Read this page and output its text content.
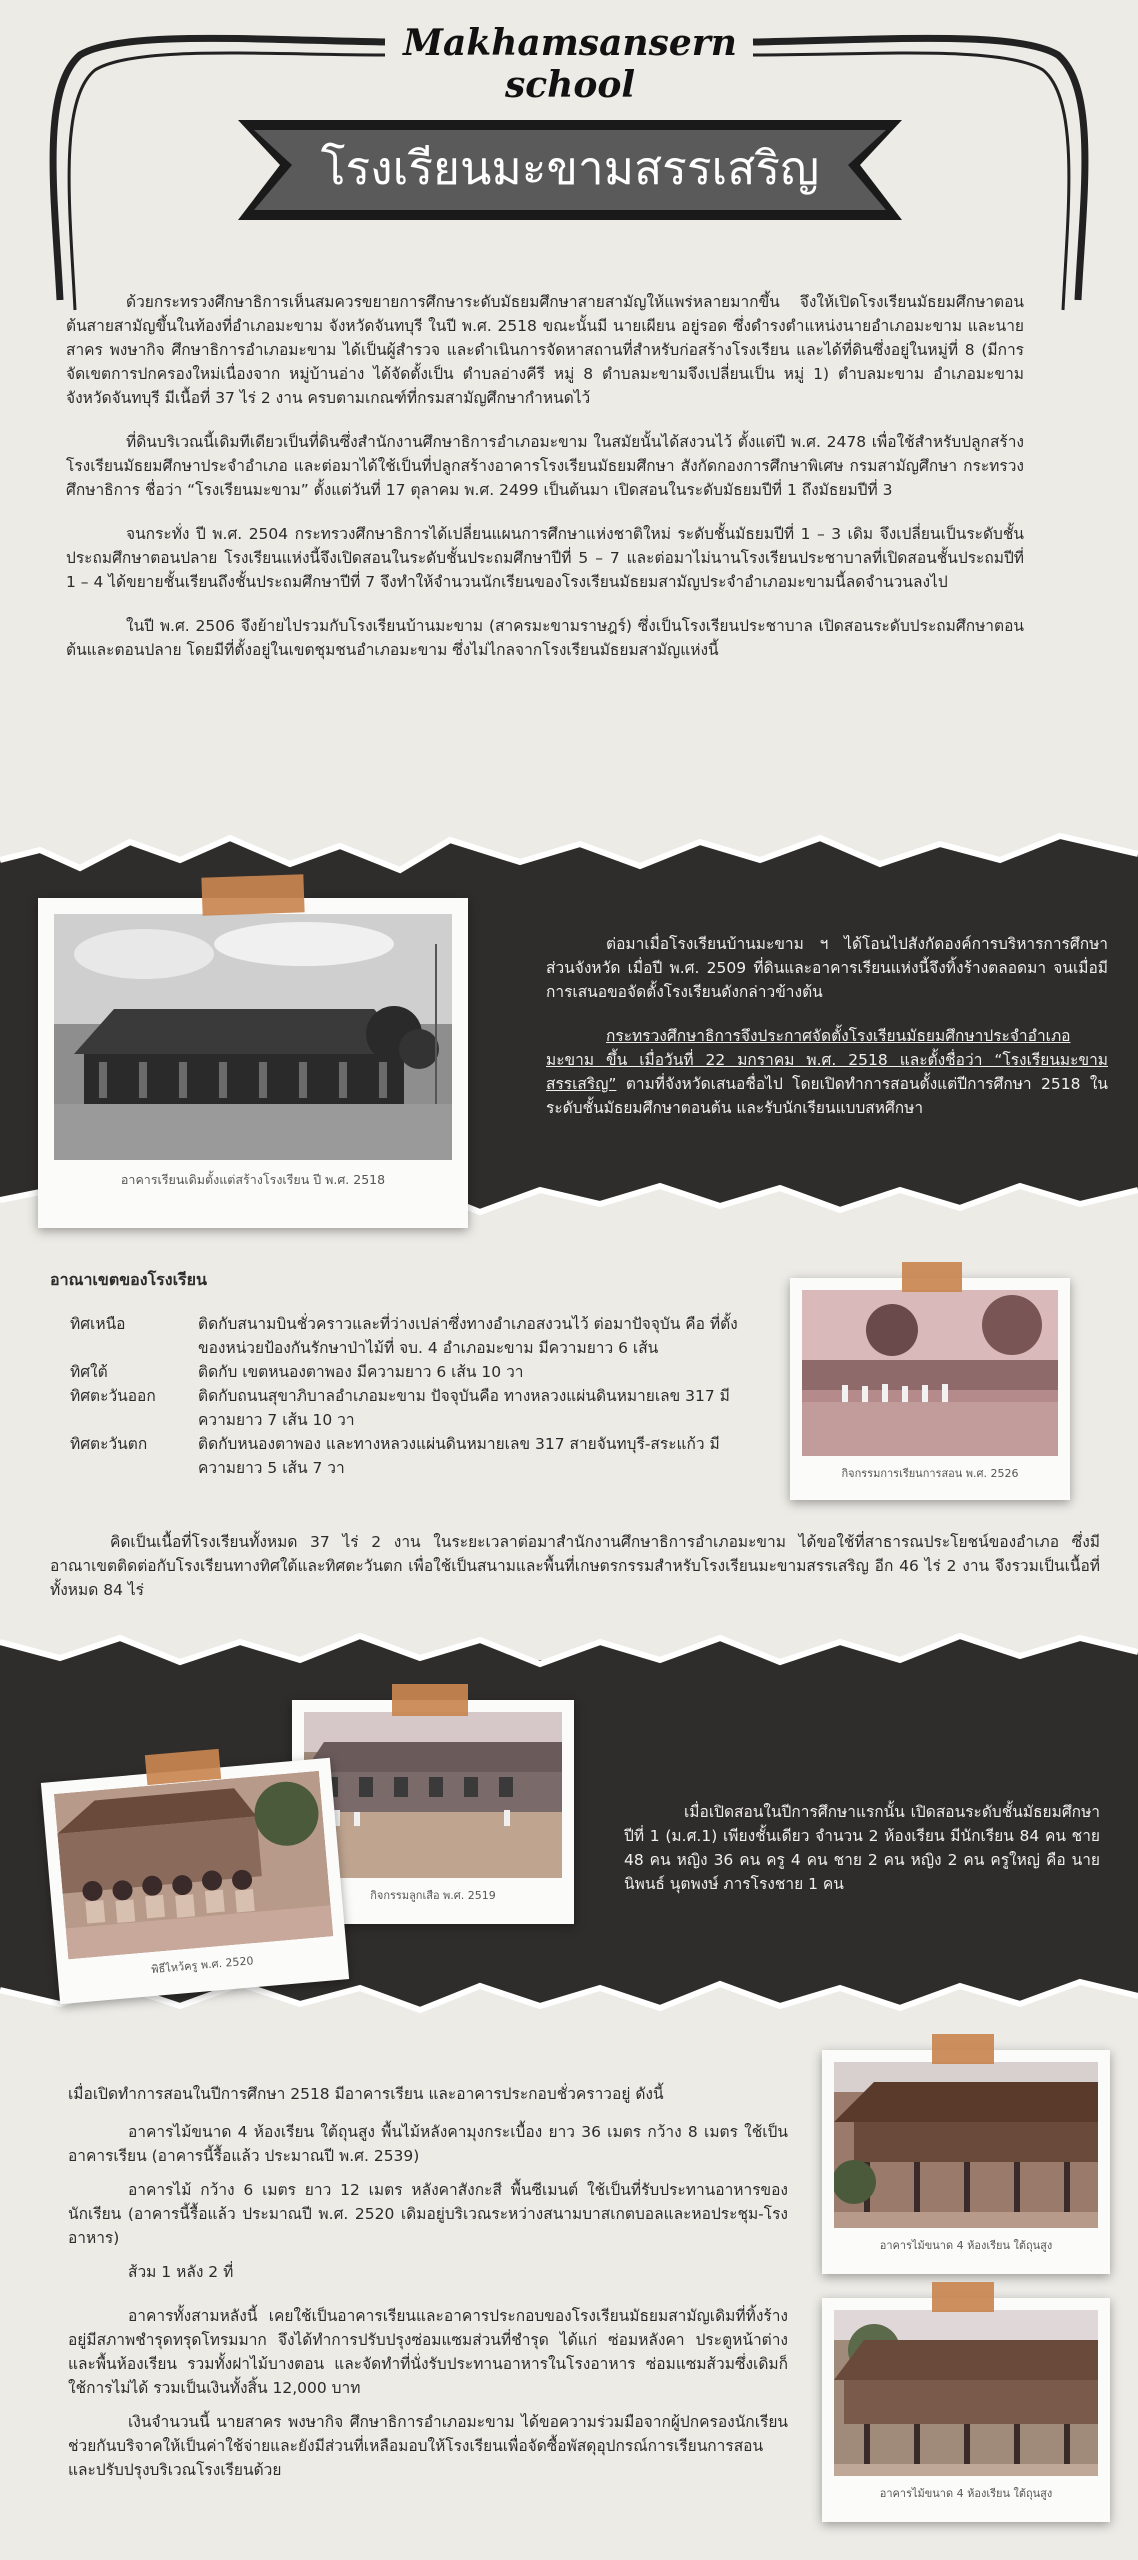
Makhamsansern school
โรงเรียนมะขามสรรเสริญ

ด้วยกระทรวงศึกษาธิการเห็นสมควรขยายการศึกษาระดับมัธยมศึกษาสายสามัญให้แพร่หลายมากขึ้น จึงให้เปิดโรงเรียนมัธยมศึกษาตอนต้นสายสามัญขึ้นในท้องที่อำเภอมะขาม จังหวัดจันทบุรี ในปี พ.ศ. 2518 ขณะนั้นมี นายเผียน อยู่รอด ซึ่งดำรงตำแหน่งนายอำเภอมะขาม และนายสาคร พงษากิจ ศึกษาธิการอำเภอมะขาม ได้เป็นผู้สำรวจ และดำเนินการจัดหาสถานที่สำหรับก่อสร้างโรงเรียน และได้ที่ดินซึ่งอยู่ในหมู่ที่ 8 (มีการจัดเขตการปกครองใหม่เนื่องจาก หมู่บ้านอ่าง ได้จัดตั้งเป็น ตำบลอ่างคีรี หมู่ 8 ตำบลมะขามจึงเปลี่ยนเป็น หมู่ 1) ตำบลมะขาม อำเภอมะขาม จังหวัดจันทบุรี มีเนื้อที่ 37 ไร่ 2 งาน ครบตามเกณฑ์ที่กรมสามัญศึกษากำหนดไว้

ที่ดินบริเวณนี้เดิมทีเดียวเป็นที่ดินซึ่งสำนักงานศึกษาธิการอำเภอมะขาม ในสมัยนั้นได้สงวนไว้ ตั้งแต่ปี พ.ศ. 2478 เพื่อใช้สำหรับปลูกสร้างโรงเรียนมัธยมศึกษาประจำอำเภอ และต่อมาได้ใช้เป็นที่ปลูกสร้างอาคารโรงเรียนมัธยมศึกษา สังกัดกองการศึกษาพิเศษ กรมสามัญศึกษา กระทรวงศึกษาธิการ ชื่อว่า “โรงเรียนมะขาม” ตั้งแต่วันที่ 17 ตุลาคม พ.ศ. 2499 เป็นต้นมา เปิดสอนในระดับมัธยมปีที่ 1 ถึงมัธยมปีที่ 3

จนกระทั่ง ปี พ.ศ. 2504 กระทรวงศึกษาธิการได้เปลี่ยนแผนการศึกษาแห่งชาติใหม่ ระดับชั้นมัธยมปีที่ 1 – 3 เดิม จึงเปลี่ยนเป็นระดับชั้นประถมศึกษาตอนปลาย โรงเรียนแห่งนี้จึงเปิดสอนในระดับชั้นประถมศึกษาปีที่ 5 – 7 และต่อมาไม่นานโรงเรียนประชาบาลที่เปิดสอนชั้นประถมปีที่ 1 – 4 ได้ขยายชั้นเรียนถึงชั้นประถมศึกษาปีที่ 7 จึงทำให้จำนวนนักเรียนของโรงเรียนมัธยมสามัญประจำอำเภอมะขามนี้ลดจำนวนลงไป

ในปี พ.ศ. 2506 จึงย้ายไปรวมกับโรงเรียนบ้านมะขาม (สาครมะขามราษฎร์) ซึ่งเป็นโรงเรียนประชาบาล เปิดสอนระดับประถมศึกษาตอนต้นและตอนปลาย โดยมีที่ตั้งอยู่ในเขตชุมชนอำเภอมะขาม ซึ่งไม่ไกลจากโรงเรียนมัธยมสามัญแห่งนี้

อาคารเรียนเดิมตั้งแต่สร้างโรงเรียน ปี พ.ศ. 2518

ต่อมาเมื่อโรงเรียนบ้านมะขาม ฯ ได้โอนไปสังกัดองค์การบริหารการศึกษาส่วนจังหวัด เมื่อปี พ.ศ. 2509 ที่ดินและอาคารเรียนแห่งนี้จึงทิ้งร้างตลอดมา จนเมื่อมีการเสนอขอจัดตั้งโรงเรียนดังกล่าวข้างต้น

กระทรวงศึกษาธิการจึงประกาศจัดตั้งโรงเรียนมัธยมศึกษาประจำอำเภอมะขาม ขึ้น เมื่อวันที่ 22 มกราคม พ.ศ. 2518 และตั้งชื่อว่า “โรงเรียนมะขามสรรเสริญ” ตามที่จังหวัดเสนอชื่อไป โดยเปิดทำการสอนตั้งแต่ปีการศึกษา 2518 ในระดับชั้นมัธยมศึกษาตอนต้น และรับนักเรียนแบบสหศึกษา

อาณาเขตของโรงเรียน
ทิศเหนือ	ติดกับสนามบินชั่วคราวและที่ว่างเปล่าซึ่งทางอำเภอสงวนไว้ ต่อมาปัจจุบัน คือ ที่ตั้งของหน่วยป้องกันรักษาป่าไม้ที่ จบ. 4 อำเภอมะขาม มีความยาว 6 เส้น
ทิศใต้	ติดกับ เขตหนองตาพอง มีความยาว 6 เส้น 10 วา
ทิศตะวันออก	ติดกับถนนสุขาภิบาลอำเภอมะขาม ปัจจุบันคือ ทางหลวงแผ่นดินหมายเลข 317 มีความยาว 7 เส้น 10 วา
ทิศตะวันตก	ติดกับหนองตาพอง และทางหลวงแผ่นดินหมายเลข 317 สายจันทบุรี-สระแก้ว มีความยาว 5 เส้น 7 วา

คิดเป็นเนื้อที่โรงเรียนทั้งหมด 37 ไร่ 2 งาน ในระยะเวลาต่อมาสำนักงานศึกษาธิการอำเภอมะขาม ได้ขอใช้ที่สาธารณประโยชน์ของอำเภอ ซึ่งมีอาณาเขตติดต่อกับโรงเรียนทางทิศใต้และทิศตะวันตก เพื่อใช้เป็นสนามและพื้นที่เกษตรกรรมสำหรับโรงเรียนมะขามสรรเสริญ อีก 46 ไร่ 2 งาน จึงรวมเป็นเนื้อที่ทั้งหมด 84 ไร่

กิจกรรมการเรียนการสอน พ.ศ. 2526
กิจกรรมลูกเสือ พ.ศ. 2519
พิธีไหว้ครู พ.ศ. 2520

เมื่อเปิดสอนในปีการศึกษาแรกนั้น เปิดสอนระดับชั้นมัธยมศึกษาปีที่ 1 (ม.ศ.1) เพียงชั้นเดียว จำนวน 2 ห้องเรียน มีนักเรียน 84 คน ชาย 48 คน หญิง 36 คน ครู 4 คน ชาย 2 คน หญิง 2 คน ครูใหญ่ คือ นายนิพนธ์ นุตพงษ์ ภารโรงชาย 1 คน

เมื่อเปิดทำการสอนในปีการศึกษา 2518 มีอาคารเรียน และอาคารประกอบชั่วคราวอยู่ ดังนี้

อาคารไม้ขนาด 4 ห้องเรียน ใต้ถุนสูง พื้นไม้หลังคามุงกระเบื้อง ยาว 36 เมตร กว้าง 8 เมตร ใช้เป็นอาคารเรียน (อาคารนี้รื้อแล้ว ประมาณปี พ.ศ. 2539)

อาคารไม้ กว้าง 6 เมตร ยาว 12 เมตร หลังคาสังกะสี พื้นซีเมนต์ ใช้เป็นที่รับประทานอาหารของนักเรียน (อาคารนี้รื้อแล้ว ประมาณปี พ.ศ. 2520 เดิมอยู่บริเวณระหว่างสนามบาสเกตบอลและหอประชุม-โรงอาหาร)

ส้วม 1 หลัง 2 ที่

อาคารทั้งสามหลังนี้ เคยใช้เป็นอาคารเรียนและอาคารประกอบของโรงเรียนมัธยมสามัญเดิมที่ทิ้งร้างอยู่มีสภาพชำรุดทรุดโทรมมาก จึงได้ทำการปรับปรุงซ่อมแซมส่วนที่ชำรุด ได้แก่ ซ่อมหลังคา ประตูหน้าต่าง และพื้นห้องเรียน รวมทั้งฝาไม้บางตอน และจัดทำที่นั่งรับประทานอาหารในโรงอาหาร ซ่อมแซมส้วมซึ่งเดิมก็ใช้การไม่ได้ รวมเป็นเงินทั้งสิ้น 12,000 บาท

เงินจำนวนนี้ นายสาคร พงษากิจ ศึกษาธิการอำเภอมะขาม ได้ขอความร่วมมือจากผู้ปกครองนักเรียนช่วยกันบริจาคให้เป็นค่าใช้จ่ายและยังมีส่วนที่เหลือมอบให้โรงเรียนเพื่อจัดซื้อพัสดุอุปกรณ์การเรียนการสอน และปรับปรุงบริเวณโรงเรียนด้วย

อาคารไม้ขนาด 4 ห้องเรียน ใต้ถุนสูง
อาคารไม้ขนาด 4 ห้องเรียน ใต้ถุนสูง
